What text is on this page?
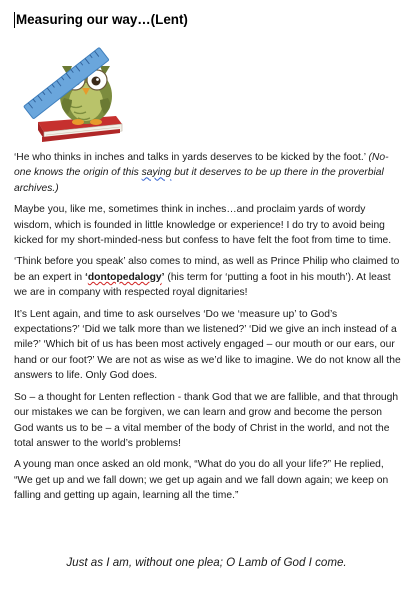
Measuring our way…(Lent)

‘He who thinks in inches and talks in yards deserves to be kicked by the foot.’ (No-one knows the origin of this saying but it deserves to be up there in the proverbial archives.)

Maybe you, like me, sometimes think in inches…and proclaim yards of wordy wisdom, which is founded in little knowledge or experience! I do try to avoid being kicked for my short-minded-ness but confess to have felt the foot from time to time.

‘Think before you speak’ also comes to mind, as well as Prince Philip who claimed to be an expert in ‘dontopedalogy’ (his term for ‘putting a foot in his mouth’). At least we are in company with respected royal dignitaries!

It’s Lent again, and time to ask ourselves ‘Do we ‘measure up’ to God’s expectations?’ ‘Did we talk more than we listened?’ ‘Did we give an inch instead of a mile?’ ‘Which bit of us has been most actively engaged – our mouth or our ears, our hand or our foot?’ We are not as wise as we’d like to imagine. We do not know all the answers to life. Only God does.

So – a thought for Lenten reflection - thank God that we are fallible, and that through our mistakes we can be forgiven, we can learn and grow and become the person God wants us to be – a vital member of the body of Christ in the world, and not the total answer to the world’s problems!

A young man once asked an old monk, “What do you do all your life?” He replied, “We get up and we fall down; we get up again and we fall down again; we keep on falling and getting up again, learning all the time.”

Just as I am, without one plea; O Lamb of God I come.
